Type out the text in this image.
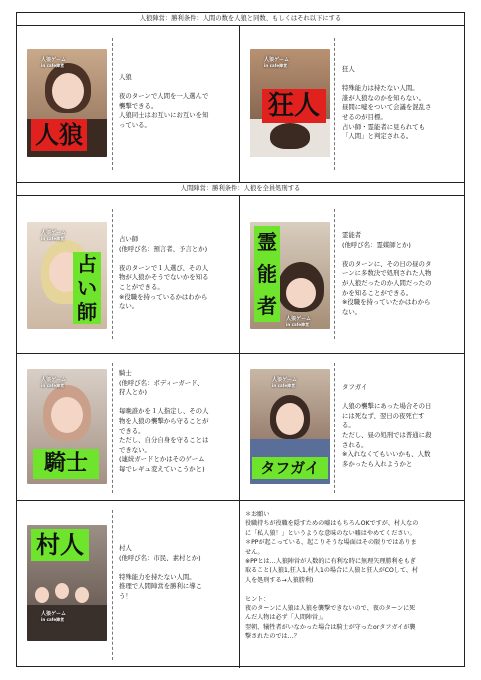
人狼陣営：勝利条件：人間の数を人狼と同数、もしくはそれ以下にする
人間陣営：勝利条件：人狼を全員処刑する
人狼ゲーム
in cafe陣営
人狼
人狼

夜のターンで人間を一人選んで
襲撃できる。
人狼同士はお互いにお互いを知
っている。
人狼ゲーム
in cafe陣営
狂人
狂人

特殊能力は持たない人間。
誰が人狼なのかを知らない。
昼間に嘘をついて会議を混乱さ
せるのが目標。
占い師・霊能者に見られても
「人間」と判定される。
人狼ゲーム
in cafe陣営
占
い
師
占い師
(他呼び名：預言者、予言とか)

夜のターンで１人選び、その人
物が人狼かそうでないかを知る
ことができる。
※役職を持っているかはわから
ない。
人狼ゲーム
in cafe陣営
霊
能
者
霊能者
(他呼び名：霊媒師とか)

夜のターンに、その日の昼のタ
ーンに多数決で処刑された人物
が人狼だったのか人間だったの
かを知ることができる。
※役職を持っていたかはわから
ない。
人狼ゲーム
in cafe陣営
騎士
騎士
(他呼び名：ボディーガード、
狩人とか)

毎晩誰かを１人指定し、その人
物を人狼の襲撃から守ることが
できる。
ただし、自分自身を守ることは
できない。
(連続ガードとかはそのゲーム
毎でレギュ変えていこうかと)
人狼ゲーム
in cafe陣営
タフガイ
タフガイ

人狼の襲撃にあった場合その日
には死なず、翌日の夜死亡す
る。
ただし、昼の処刑では普通に殺
される。
※入れなくてもいいかも、人数
多かったら入れようかと
人狼ゲーム
in cafe陣営
村人	村人
(他呼び名：市民、素村とか)

特殊能力を持たない人間。
推理で人間陣営を勝利に導こ
う！
＊お願い
役職持ちが役職を隠すための嘘はもちろんOKですが、村人なの
に「私人狼！」というような意味のない嘘はやめてください。
＊PPが起こっている、起こりそうな場面はその限りではありま
せん。
※PPとは…人狼陣営が人数的に有利な時に無理矢理勝利をもぎ
取ること(人狼1,狂人1,村人1の場合に人狼と狂人がCOして、村
人を処刑する→人狼勝利)

ヒント：
夜のターンに人狼は人狼を襲撃できないので、夜のターンに死
んだ人物は必ず「人間陣営」。
翌朝、犠牲者がいなかった場合は騎士が守ったorタフガイが襲
撃されたのでは…？
